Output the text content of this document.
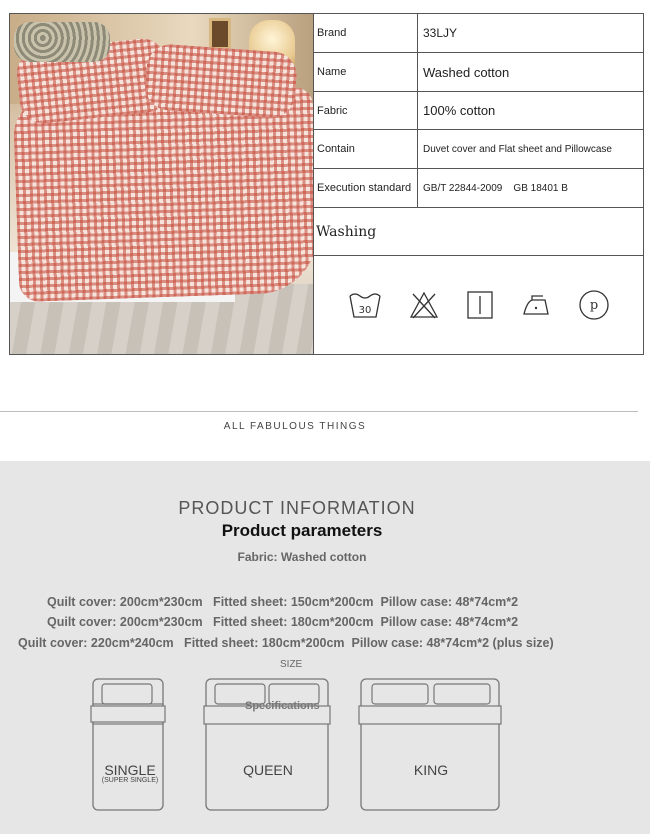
Brand	33LJY
Name	Washed cotton
Fabric	100% cotton
Contain	Duvet cover and Flat sheet and Pillowcase
Execution standard	GB/T 22844-2009    GB 18401 B
Washing
30	p
ALL FABULOUS THINGS
PRODUCT INFORMATION
Product parameters
Fabric: Washed cotton
Quilt cover: 200cm*230cm   Fitted sheet: 150cm*200cm  Pillow case: 48*74cm*2
Quilt cover: 200cm*230cm   Fitted sheet: 180cm*200cm  Pillow case: 48*74cm*2
Quilt cover: 220cm*240cm   Fitted sheet: 180cm*200cm  Pillow case: 48*74cm*2 (plus size)
SIZE
Specifications
SINGLE
(SUPER SINGLE)
QUEEN	KING
